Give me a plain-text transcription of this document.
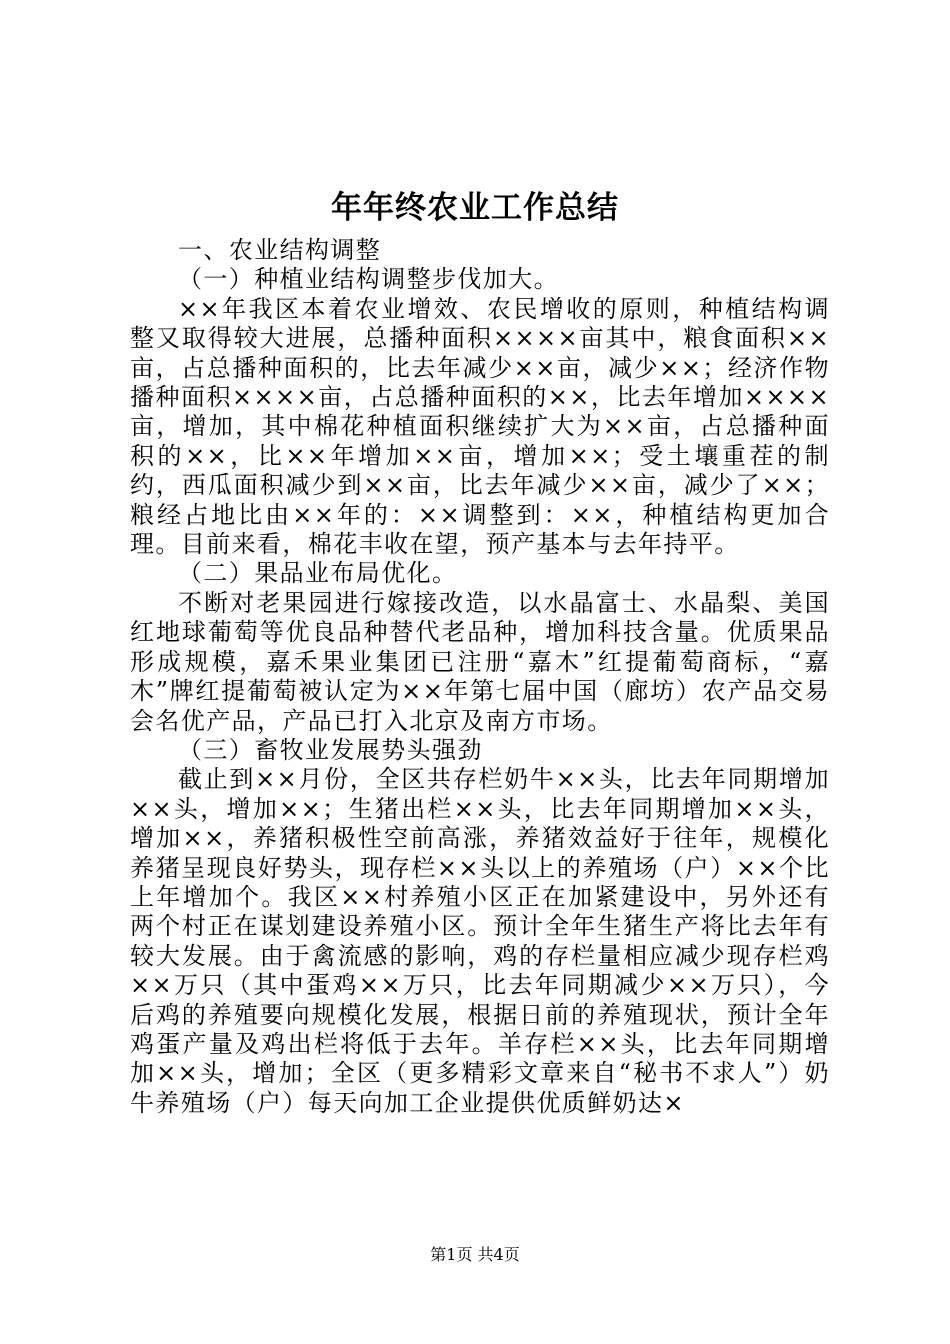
年年终农业工作总结

一、农业结构调整

（一）种植业结构调整步伐加大。

××年我区本着农业增效、农民增收的原则，种植结构调整又取得较大进展，总播种面积××××亩其中，粮食面积××亩，占总播种面积的，比去年减少××亩，减少××；经济作物播种面积××××亩，占总播种面积的××，比去年增加××××亩，增加，其中棉花种植面积继续扩大为××亩，占总播种面积的××，比××年增加××亩，增加××；受土壤重茬的制约，西瓜面积减少到××亩，比去年减少××亩，减少了××；粮经占地比由××年的：××调整到：××，种植结构更加合理。目前来看，棉花丰收在望，预产基本与去年持平。

（二）果品业布局优化。

不断对老果园进行嫁接改造，以水晶富士、水晶梨、美国红地球葡萄等优良品种替代老品种，增加科技含量。优质果品形成规模，嘉禾果业集团已注册“嘉木”红提葡萄商标，“嘉木”牌红提葡萄被认定为××年第七届中国（廊坊）农产品交易会名优产品，产品已打入北京及南方市场。

（三）畜牧业发展势头强劲

截止到××月份，全区共存栏奶牛××头，比去年同期增加××头，增加××；生猪出栏××头，比去年同期增加××头，增加××，养猪积极性空前高涨，养猪效益好于往年，规模化养猪呈现良好势头，现存栏××头以上的养殖场（户）××个比上年增加个。我区××村养殖小区正在加紧建设中，另外还有两个村正在谋划建设养殖小区。预计全年生猪生产将比去年有较大发展。由于禽流感的影响，鸡的存栏量相应减少现存栏鸡××万只（其中蛋鸡××万只，比去年同期减少××万只），今后鸡的养殖要向规模化发展，根据日前的养殖现状，预计全年鸡蛋产量及鸡出栏将低于去年。羊存栏××头，比去年同期增加××头，增加；全区（更多精彩文章来自“秘书不求人”）奶牛养殖场（户）每天向加工企业提供优质鲜奶达×

第1页 共4页
